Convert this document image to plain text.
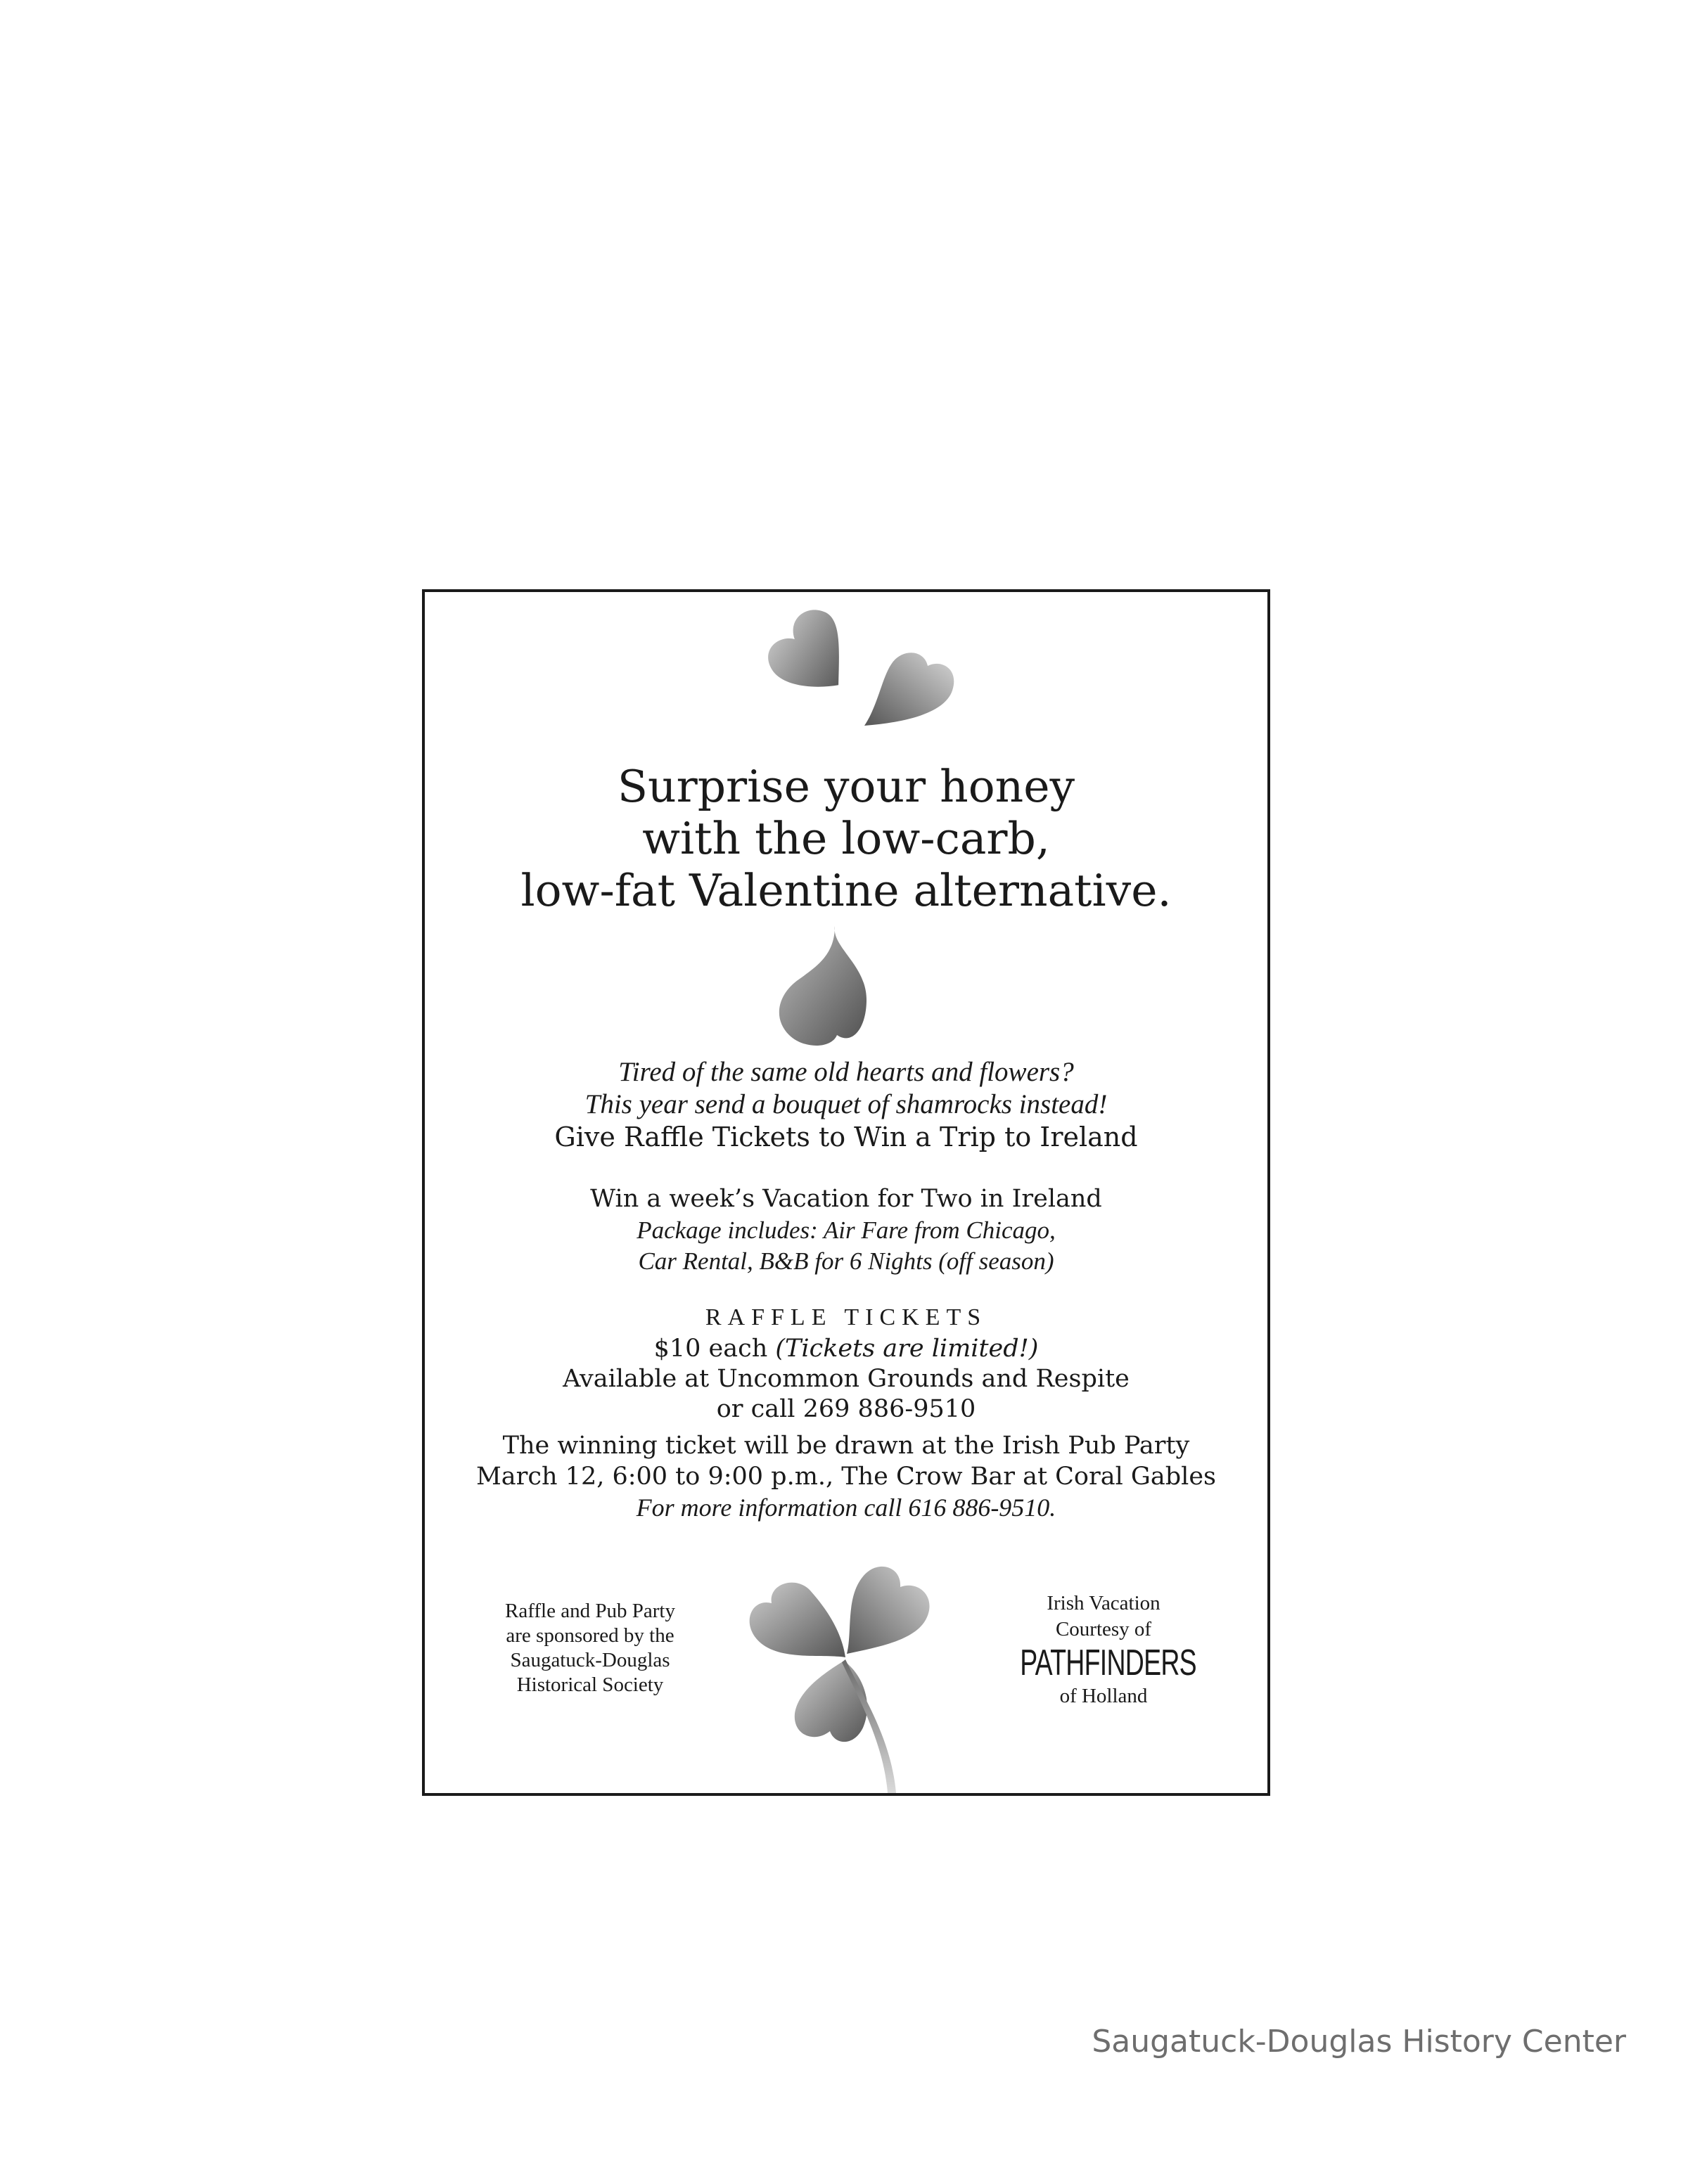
Surprise your honey
with the low-carb,
low-fat Valentine alternative.
Tired of the same old hearts and flowers?
This year send a bouquet of shamrocks instead!
Give Raffle Tickets to Win a Trip to Ireland
Win a week’s Vacation for Two in Ireland
Package includes: Air Fare from Chicago,
Car Rental, B&B for 6 Nights (off season)
RAFFLE TICKETS
$10 each (Tickets are limited!)
Available at Uncommon Grounds and Respite
or call 269 886-9510
The winning ticket will be drawn at the Irish Pub Party
March 12, 6:00 to 9:00 p.m., The Crow Bar at Coral Gables
For more information call 616 886-9510.
Raffle and Pub Party
are sponsored by the
Saugatuck-Douglas
Historical Society
Irish Vacation
Courtesy of
PATHFINDERS
of Holland
Saugatuck-Douglas History Center
